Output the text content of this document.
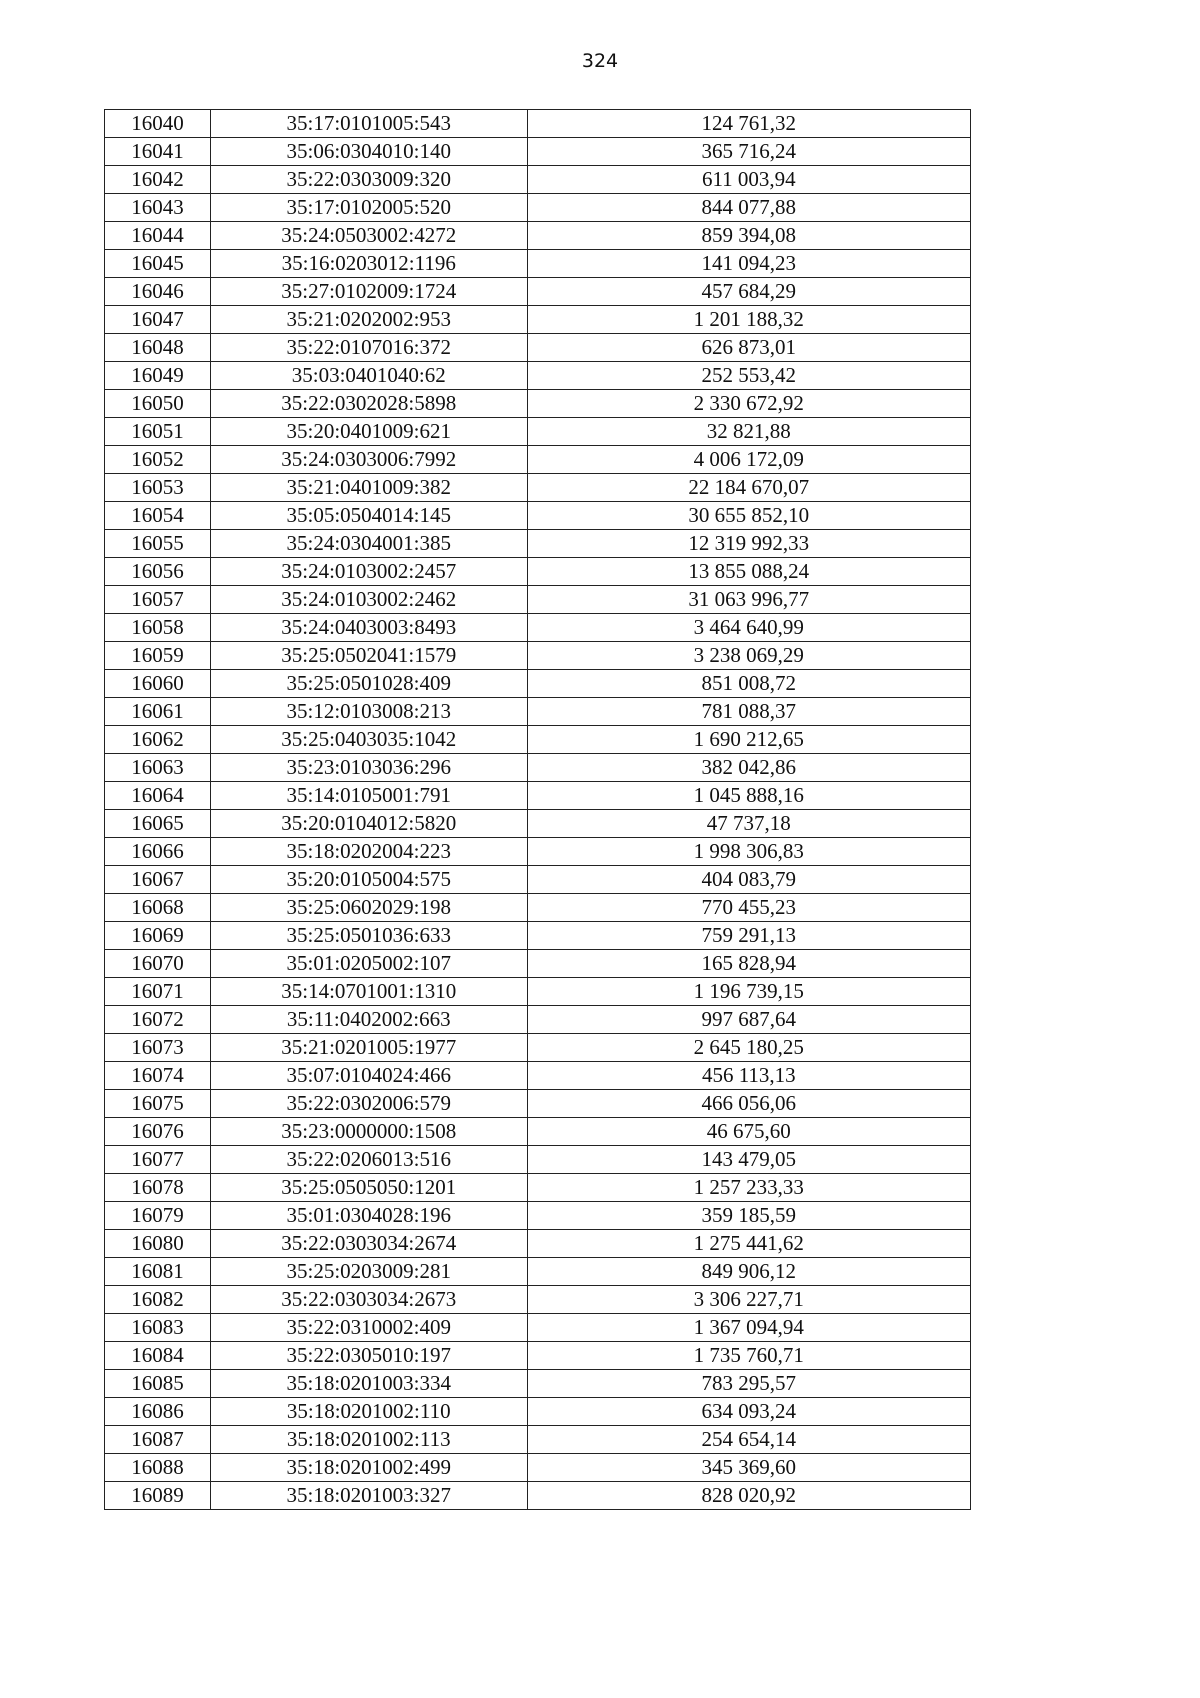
324
16040	35:17:0101005:543	124 761,32
16041	35:06:0304010:140	365 716,24
16042	35:22:0303009:320	611 003,94
16043	35:17:0102005:520	844 077,88
16044	35:24:0503002:4272	859 394,08
16045	35:16:0203012:1196	141 094,23
16046	35:27:0102009:1724	457 684,29
16047	35:21:0202002:953	1 201 188,32
16048	35:22:0107016:372	626 873,01
16049	35:03:0401040:62	252 553,42
16050	35:22:0302028:5898	2 330 672,92
16051	35:20:0401009:621	32 821,88
16052	35:24:0303006:7992	4 006 172,09
16053	35:21:0401009:382	22 184 670,07
16054	35:05:0504014:145	30 655 852,10
16055	35:24:0304001:385	12 319 992,33
16056	35:24:0103002:2457	13 855 088,24
16057	35:24:0103002:2462	31 063 996,77
16058	35:24:0403003:8493	3 464 640,99
16059	35:25:0502041:1579	3 238 069,29
16060	35:25:0501028:409	851 008,72
16061	35:12:0103008:213	781 088,37
16062	35:25:0403035:1042	1 690 212,65
16063	35:23:0103036:296	382 042,86
16064	35:14:0105001:791	1 045 888,16
16065	35:20:0104012:5820	47 737,18
16066	35:18:0202004:223	1 998 306,83
16067	35:20:0105004:575	404 083,79
16068	35:25:0602029:198	770 455,23
16069	35:25:0501036:633	759 291,13
16070	35:01:0205002:107	165 828,94
16071	35:14:0701001:1310	1 196 739,15
16072	35:11:0402002:663	997 687,64
16073	35:21:0201005:1977	2 645 180,25
16074	35:07:0104024:466	456 113,13
16075	35:22:0302006:579	466 056,06
16076	35:23:0000000:1508	46 675,60
16077	35:22:0206013:516	143 479,05
16078	35:25:0505050:1201	1 257 233,33
16079	35:01:0304028:196	359 185,59
16080	35:22:0303034:2674	1 275 441,62
16081	35:25:0203009:281	849 906,12
16082	35:22:0303034:2673	3 306 227,71
16083	35:22:0310002:409	1 367 094,94
16084	35:22:0305010:197	1 735 760,71
16085	35:18:0201003:334	783 295,57
16086	35:18:0201002:110	634 093,24
16087	35:18:0201002:113	254 654,14
16088	35:18:0201002:499	345 369,60
16089	35:18:0201003:327	828 020,92
